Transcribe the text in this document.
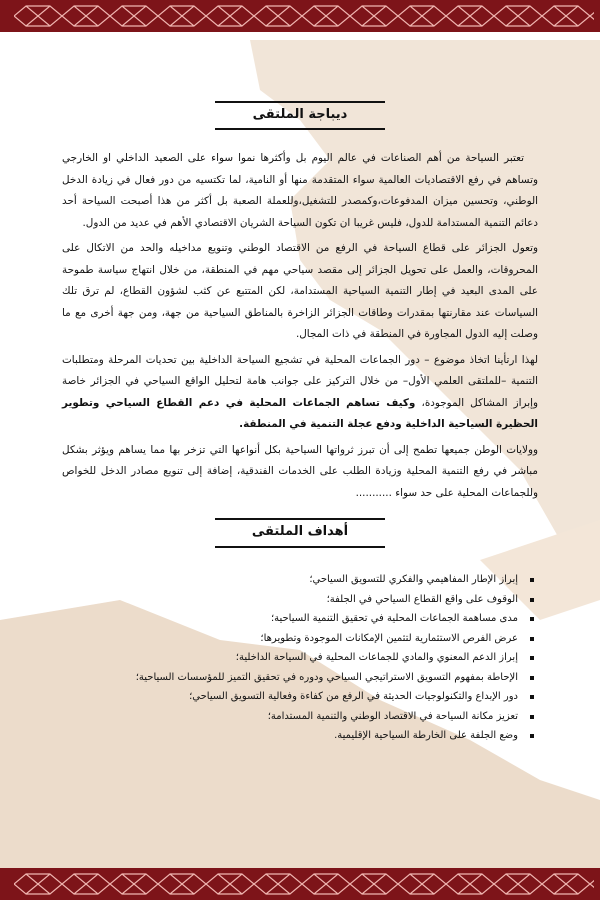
ديباجة الملتقى

تعتبر السياحة من أهم الصناعات في عالم اليوم بل وأكثرها نموا سواء على الصعيد الداخلي او الخارجي وتساهم في رفع الاقتصاديات العالمية سواء المتقدمة منها أو النامية، لما تكتسيه من دور فعال في زيادة الدخل الوطني، وتحسين ميزان المدفوعات،وكمصدر للتشغيل،وللعملة الصعبة بل أكثر من هذا أصبحت السياحة أحد دعائم التنمية المستدامة للدول، فليس غريبا ان تكون السياحة الشريان الاقتصادي الأهم في عديد من الدول.

وتعول الجزائر على قطاع السياحة في الرفع من الاقتصاد الوطني وتنويع مداخيله والحد من الاتكال على المحروقات، والعمل على تحويل الجزائر إلى مقصد سياحي مهم في المنطقة، من خلال انتهاج سياسة طموحة على المدى البعيد في إطار التنمية السياحية المستدامة، لكن المتتبع عن كثب لشؤون القطاع، لم ترق تلك السياسات عند مقارنتها بمقدرات وطاقات الجزائر الزاخرة بالمناطق السياحية من جهة، ومن جهة أخرى مع ما وصلت إليه الدول المجاورة في المنطقة في ذات المجال.

لهذا ارتأينا اتخاذ موضوع – دور الجماعات المحلية في تشجيع السياحة الداخلية بين تحديات المرحلة ومتطلبات التنمية –للملتقى العلمي الأول– من خلال التركيز على جوانب هامة لتحليل الواقع السياحي في الجزائر خاصة وإبراز المشاكل الموجودة، وكيف تساهم الجماعات المحلية في دعم القطاع السياحي وتطوير الحظيرة السياحية الداخلية ودفع عجلة التنمية في المنطقة.

وولايات الوطن جميعها تطمح إلى أن تبرز ثرواتها السياحية بكل أنواعها التي تزخر بها مما يساهم ويؤثر بشكل مباشر في رفع التنمية المحلية وزيادة الطلب على الخدمات الفندقية، إضافة إلى تنويع مصادر الدخل للخواص وللجماعات المحلية على حد سواء ...........

أهداف الملتقى
إبراز الإطار المفاهيمي والفكري للتسويق السياحي؛
الوقوف على واقع القطاع السياحي في الجلفة؛
مدى مساهمة الجماعات المحلية في تحقيق التنمية السياحية؛
عرض الفرص الاستثمارية لتثمين الإمكانات الموجودة وتطويرها؛
إبراز الدعم المعنوي والمادي للجماعات المحلية في السياحة الداخلية؛
الإحاطة بمفهوم التسويق الاستراتيجي السياحي ودوره في تحقيق التميز للمؤسسات السياحية؛
دور الإبداع والتكنولوجيات الحديثة في الرفع من كفاءة وفعالية التسويق السياحي؛
تعزيز مكانة السياحة في الاقتصاد الوطني والتنمية المستدامة؛
وضع الجلفة على الخارطة السياحية الإقليمية.
